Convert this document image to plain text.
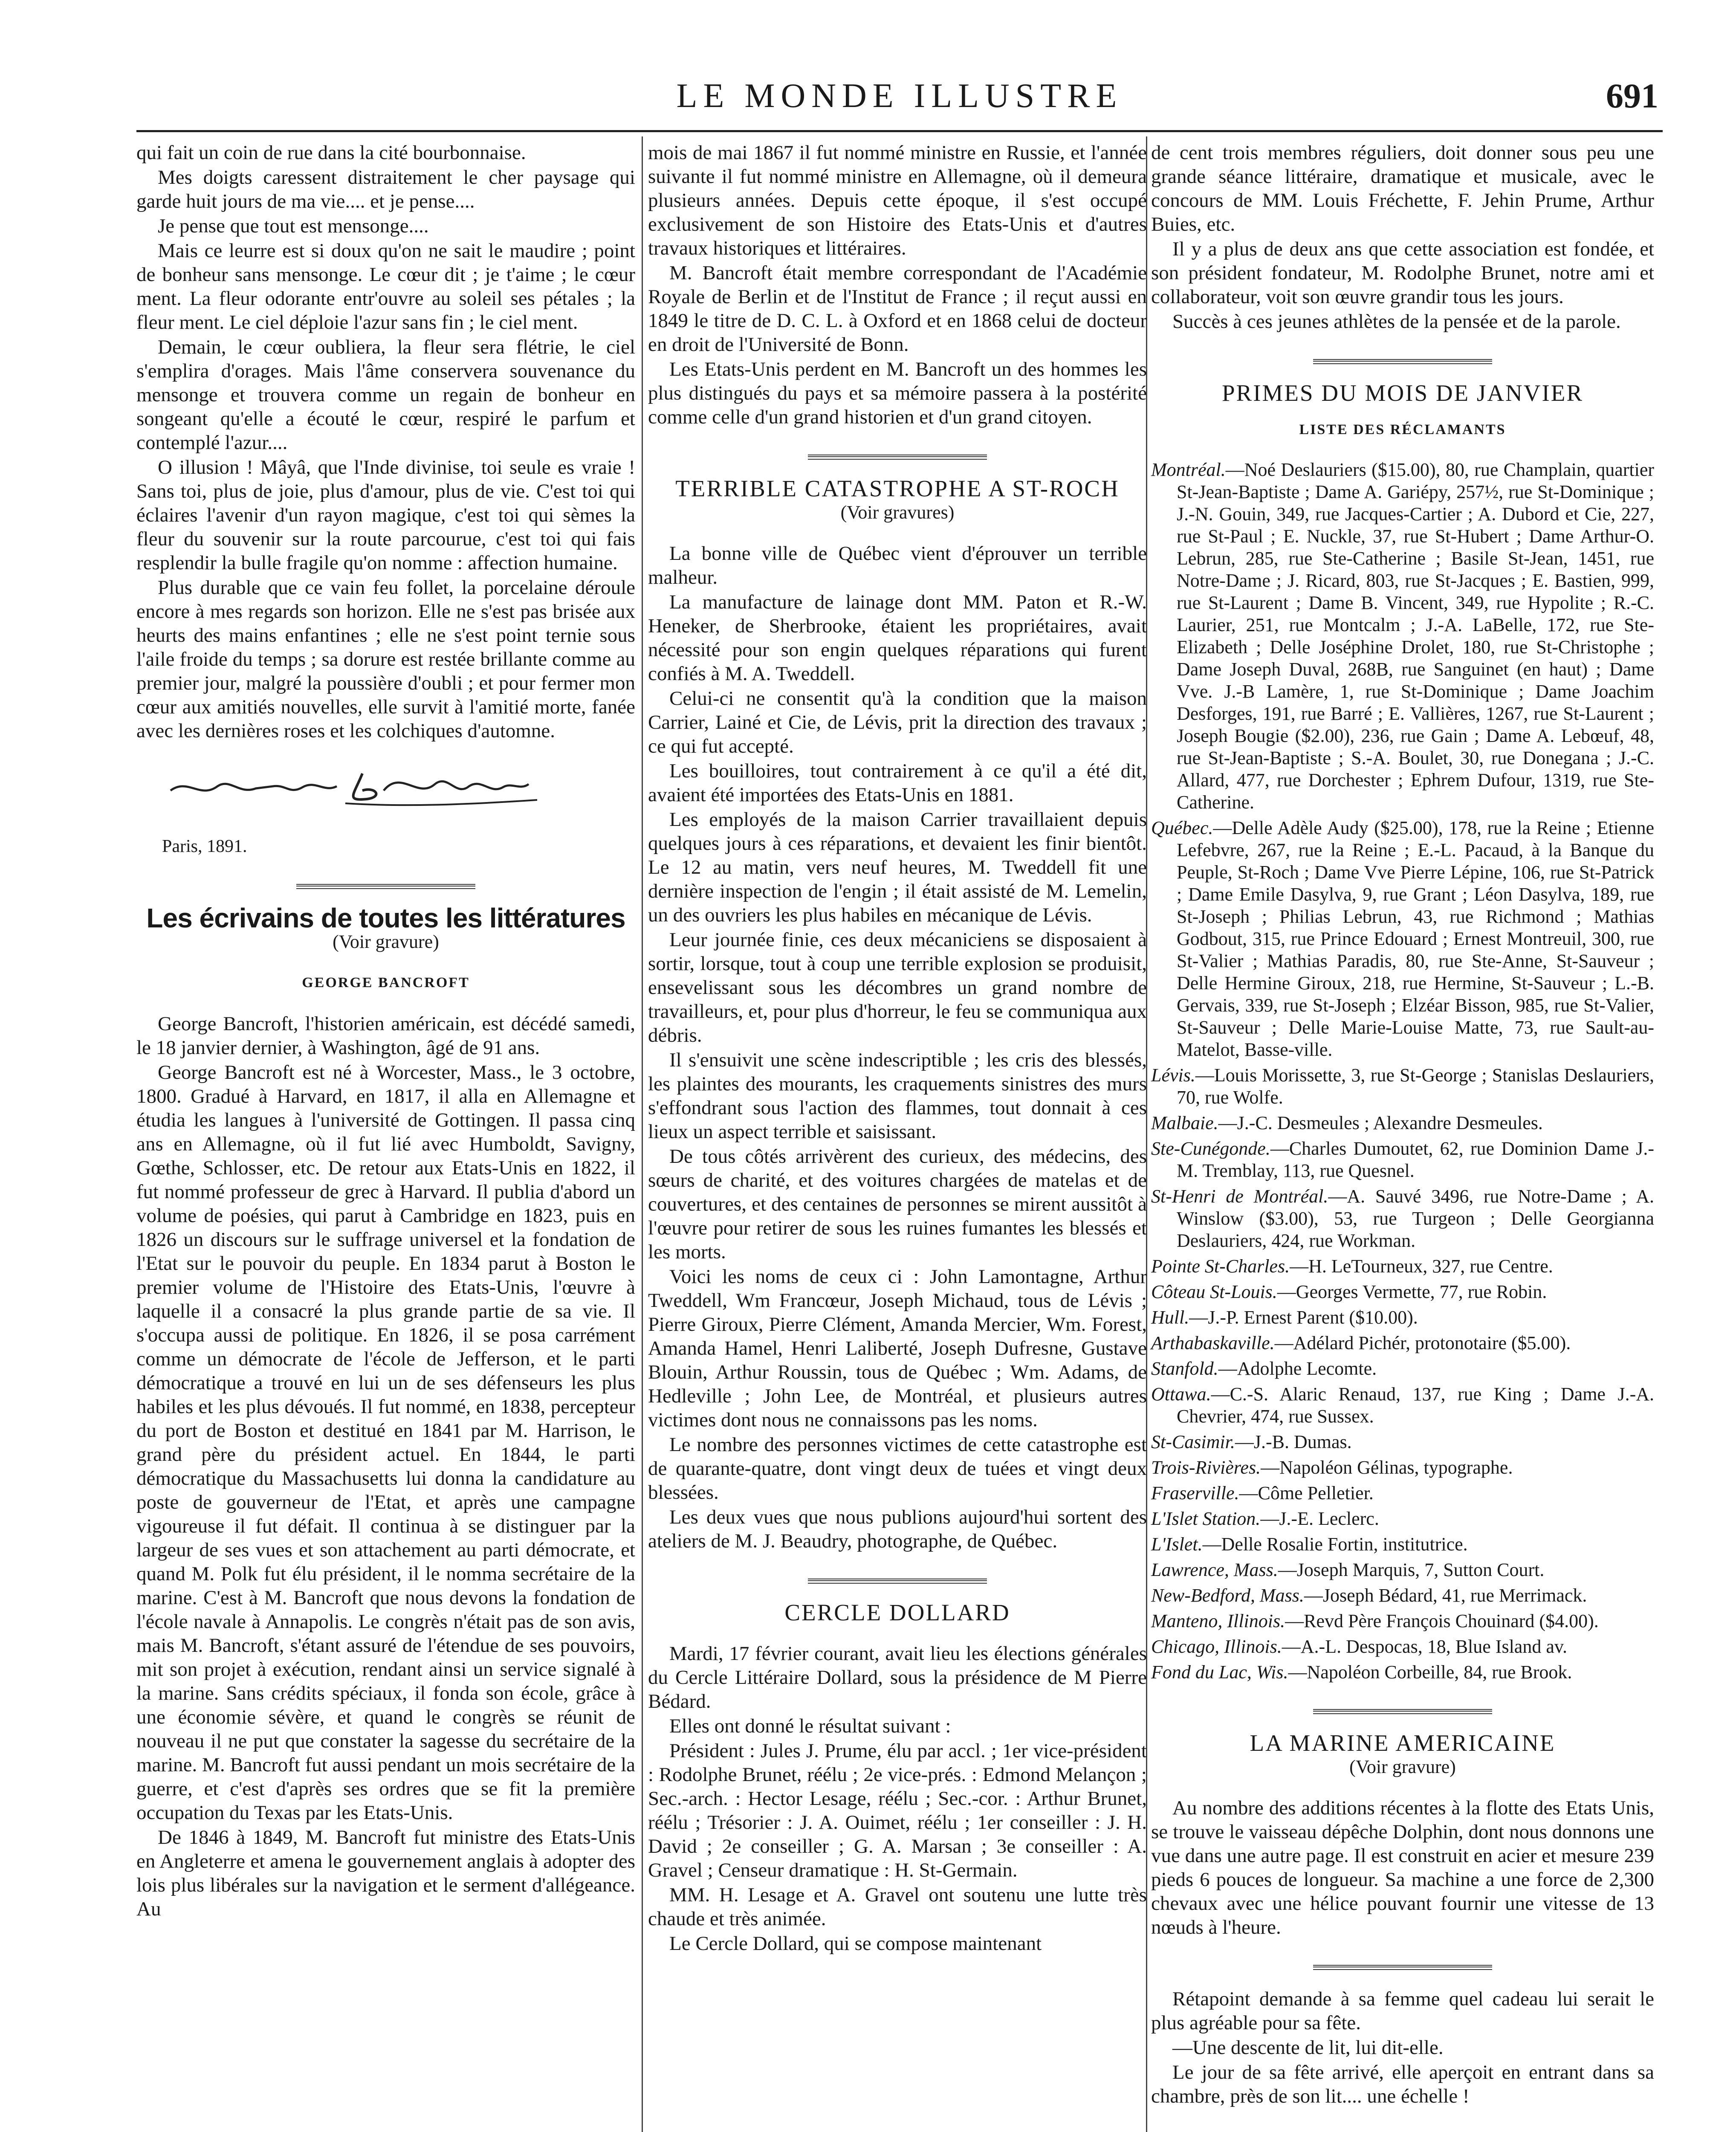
LE MONDE ILLUSTRE	691

qui fait un coin de rue dans la cité bourbonnaise.

Mes doigts caressent distraitement le cher paysage qui garde huit jours de ma vie.... et je pense....

Je pense que tout est mensonge....

Mais ce leurre est si doux qu'on ne sait le maudire ; point de bonheur sans mensonge. Le cœur dit ; je t'aime ; le cœur ment. La fleur odorante entr'ouvre au soleil ses pétales ; la fleur ment. Le ciel déploie l'azur sans fin ; le ciel ment.

Demain, le cœur oubliera, la fleur sera flétrie, le ciel s'emplira d'orages. Mais l'âme conservera souvenance du mensonge et trouvera comme un regain de bonheur en songeant qu'elle a écouté le cœur, respiré le parfum et contemplé l'azur....

O illusion ! Mâyâ, que l'Inde divinise, toi seule es vraie ! Sans toi, plus de joie, plus d'amour, plus de vie. C'est toi qui éclaires l'avenir d'un rayon magique, c'est toi qui sèmes la fleur du souvenir sur la route parcourue, c'est toi qui fais resplendir la bulle fragile qu'on nomme : affection humaine.

Plus durable que ce vain feu follet, la porcelaine déroule encore à mes regards son horizon. Elle ne s'est pas brisée aux heurts des mains enfantines ; elle ne s'est point ternie sous l'aile froide du temps ; sa dorure est restée brillante comme au premier jour, malgré la poussière d'oubli ; et pour fermer mon cœur aux amitiés nouvelles, elle survit à l'amitié morte, fanée avec les dernières roses et les colchiques d'automne.

Paris, 1891.
Les écrivains de toutes les littératures
(Voir gravure)
GEORGE BANCROFT

George Bancroft, l'historien américain, est décédé samedi, le 18 janvier dernier, à Washington, âgé de 91 ans.

George Bancroft est né à Worcester, Mass., le 3 octobre, 1800. Gradué à Harvard, en 1817, il alla en Allemagne et étudia les langues à l'université de Gottingen. Il passa cinq ans en Allemagne, où il fut lié avec Humboldt, Savigny, Gœthe, Schlosser, etc. De retour aux Etats-Unis en 1822, il fut nommé professeur de grec à Harvard. Il publia d'abord un volume de poésies, qui parut à Cambridge en 1823, puis en 1826 un discours sur le suffrage universel et la fondation de l'Etat sur le pouvoir du peuple. En 1834 parut à Boston le premier volume de l'Histoire des Etats-Unis, l'œuvre à laquelle il a consacré la plus grande partie de sa vie. Il s'occupa aussi de politique. En 1826, il se posa carrément comme un démocrate de l'école de Jefferson, et le parti démocratique a trouvé en lui un de ses défenseurs les plus habiles et les plus dévoués. Il fut nommé, en 1838, percepteur du port de Boston et destitué en 1841 par M. Harrison, le grand père du président actuel. En 1844, le parti démocratique du Massachusetts lui donna la candidature au poste de gouverneur de l'Etat, et après une campagne vigoureuse il fut défait. Il continua à se distinguer par la largeur de ses vues et son attachement au parti démocrate, et quand M. Polk fut élu président, il le nomma secrétaire de la marine. C'est à M. Bancroft que nous devons la fondation de l'école navale à Annapolis. Le congrès n'était pas de son avis, mais M. Bancroft, s'étant assuré de l'étendue de ses pouvoirs, mit son projet à exécution, rendant ainsi un service signalé à la marine. Sans crédits spéciaux, il fonda son école, grâce à une économie sévère, et quand le congrès se réunit de nouveau il ne put que constater la sagesse du secrétaire de la marine. M. Bancroft fut aussi pendant un mois secrétaire de la guerre, et c'est d'après ses ordres que se fit la première occupation du Texas par les Etats-Unis.

De 1846 à 1849, M. Bancroft fut ministre des Etats-Unis en Angleterre et amena le gouvernement anglais à adopter des lois plus libérales sur la navigation et le serment d'allégeance. Au

mois de mai 1867 il fut nommé ministre en Russie, et l'année suivante il fut nommé ministre en Allemagne, où il demeura plusieurs années. Depuis cette époque, il s'est occupé exclusivement de son Histoire des Etats-Unis et d'autres travaux historiques et littéraires.

M. Bancroft était membre correspondant de l'Académie Royale de Berlin et de l'Institut de France ; il reçut aussi en 1849 le titre de D. C. L. à Oxford et en 1868 celui de docteur en droit de l'Université de Bonn.

Les Etats-Unis perdent en M. Bancroft un des hommes les plus distingués du pays et sa mémoire passera à la postérité comme celle d'un grand historien et d'un grand citoyen.

TERRIBLE CATASTROPHE A ST-ROCH
(Voir gravures)

La bonne ville de Québec vient d'éprouver un terrible malheur.

La manufacture de lainage dont MM. Paton et R.-W. Heneker, de Sherbrooke, étaient les propriétaires, avait nécessité pour son engin quelques réparations qui furent confiés à M. A. Tweddell.

Celui-ci ne consentit qu'à la condition que la maison Carrier, Lainé et Cie, de Lévis, prit la direction des travaux ; ce qui fut accepté.

Les bouilloires, tout contrairement à ce qu'il a été dit, avaient été importées des Etats-Unis en 1881.

Les employés de la maison Carrier travaillaient depuis quelques jours à ces réparations, et devaient les finir bientôt. Le 12 au matin, vers neuf heures, M. Tweddell fit une dernière inspection de l'engin ; il était assisté de M. Lemelin, un des ouvriers les plus habiles en mécanique de Lévis.

Leur journée finie, ces deux mécaniciens se disposaient à sortir, lorsque, tout à coup une terrible explosion se produisit, ensevelissant sous les décombres un grand nombre de travailleurs, et, pour plus d'horreur, le feu se communiqua aux débris.

Il s'ensuivit une scène indescriptible ; les cris des blessés, les plaintes des mourants, les craquements sinistres des murs s'effondrant sous l'action des flammes, tout donnait à ces lieux un aspect terrible et saisissant.

De tous côtés arrivèrent des curieux, des médecins, des sœurs de charité, et des voitures chargées de matelas et de couvertures, et des centaines de personnes se mirent aussitôt à l'œuvre pour retirer de sous les ruines fumantes les blessés et les morts.

Voici les noms de ceux ci : John Lamontagne, Arthur Tweddell, Wm Francœur, Joseph Michaud, tous de Lévis ; Pierre Giroux, Pierre Clément, Amanda Mercier, Wm. Forest, Amanda Hamel, Henri Laliberté, Joseph Dufresne, Gustave Blouin, Arthur Roussin, tous de Québec ; Wm. Adams, de Hedleville ; John Lee, de Montréal, et plusieurs autres victimes dont nous ne connaissons pas les noms.

Le nombre des personnes victimes de cette catastrophe est de quarante-quatre, dont vingt deux de tuées et vingt deux blessées.

Les deux vues que nous publions aujourd'hui sortent des ateliers de M. J. Beaudry, photographe, de Québec.

CERCLE DOLLARD

Mardi, 17 février courant, avait lieu les élections générales du Cercle Littéraire Dollard, sous la présidence de M Pierre Bédard.

Elles ont donné le résultat suivant :

Président : Jules J. Prume, élu par accl. ; 1er vice-président : Rodolphe Brunet, réélu ; 2e vice-prés. : Edmond Melançon ; Sec.-arch. : Hector Lesage, réélu ; Sec.-cor. : Arthur Brunet, réélu ; Trésorier : J. A. Ouimet, réélu ; 1er conseiller : J. H. David ; 2e conseiller ; G. A. Marsan ; 3e conseiller : A. Gravel ; Censeur dramatique : H. St-Germain.

MM. H. Lesage et A. Gravel ont soutenu une lutte très chaude et très animée.

Le Cercle Dollard, qui se compose maintenant

de cent trois membres réguliers, doit donner sous peu une grande séance littéraire, dramatique et musicale, avec le concours de MM. Louis Fréchette, F. Jehin Prume, Arthur Buies, etc.

Il y a plus de deux ans que cette association est fondée, et son président fondateur, M. Rodolphe Brunet, notre ami et collaborateur, voit son œuvre grandir tous les jours.

Succès à ces jeunes athlètes de la pensée et de la parole.

PRIMES DU MOIS DE JANVIER
LISTE DES RÉCLAMANTS
Montréal.—Noé Deslauriers ($15.00), 80, rue Champlain, quartier St-Jean-Baptiste ; Dame A. Gariépy, 257½, rue St-Dominique ; J.-N. Gouin, 349, rue Jacques-Cartier ; A. Dubord et Cie, 227, rue St-Paul ; E. Nuckle, 37, rue St-Hubert ; Dame Arthur-O. Lebrun, 285, rue Ste-Catherine ; Basile St-Jean, 1451, rue Notre-Dame ; J. Ricard, 803, rue St-Jacques ; E. Bastien, 999, rue St-Laurent ; Dame B. Vincent, 349, rue Hypolite ; R.-C. Laurier, 251, rue Montcalm ; J.-A. LaBelle, 172, rue Ste-Elizabeth ; Delle Joséphine Drolet, 180, rue St-Christophe ; Dame Joseph Duval, 268B, rue Sanguinet (en haut) ; Dame Vve. J.-B Lamère, 1, rue St-Dominique ; Dame Joachim Desforges, 191, rue Barré ; E. Vallières, 1267, rue St-Laurent ; Joseph Bougie ($2.00), 236, rue Gain ; Dame A. Lebœuf, 48, rue St-Jean-Baptiste ; S.-A. Boulet, 30, rue Donegana ; J.-C. Allard, 477, rue Dorchester ; Ephrem Dufour, 1319, rue Ste-Catherine.
Québec.—Delle Adèle Audy ($25.00), 178, rue la Reine ; Etienne Lefebvre, 267, rue la Reine ; E.-L. Pacaud, à la Banque du Peuple, St-Roch ; Dame Vve Pierre Lépine, 106, rue St-Patrick ; Dame Emile Dasylva, 9, rue Grant ; Léon Dasylva, 189, rue St-Joseph ; Philias Lebrun, 43, rue Richmond ; Mathias Godbout, 315, rue Prince Edouard ; Ernest Montreuil, 300, rue St-Valier ; Mathias Paradis, 80, rue Ste-Anne, St-Sauveur ; Delle Hermine Giroux, 218, rue Hermine, St-Sauveur ; L.-B. Gervais, 339, rue St-Joseph ; Elzéar Bisson, 985, rue St-Valier, St-Sauveur ; Delle Marie-Louise Matte, 73, rue Sault-au-Matelot, Basse-ville.
Lévis.—Louis Morissette, 3, rue St-George ; Stanislas Deslauriers, 70, rue Wolfe.
Malbaie.—J.-C. Desmeules ; Alexandre Desmeules.
Ste-Cunégonde.—Charles Dumoutet, 62, rue Dominion Dame J.-M. Tremblay, 113, rue Quesnel.
St-Henri de Montréal.—A. Sauvé 3496, rue Notre-Dame ; A. Winslow ($3.00), 53, rue Turgeon ; Delle Georgianna Deslauriers, 424, rue Workman.
Pointe St-Charles.—H. LeTourneux, 327, rue Centre.
Côteau St-Louis.—Georges Vermette, 77, rue Robin.
Hull.—J.-P. Ernest Parent ($10.00).
Arthabaskaville.—Adélard Pichér, protonotaire ($5.00).
Stanfold.—Adolphe Lecomte.
Ottawa.—C.-S. Alaric Renaud, 137, rue King ; Dame J.-A. Chevrier, 474, rue Sussex.
St-Casimir.—J.-B. Dumas.
Trois-Rivières.—Napoléon Gélinas, typographe.
Fraserville.—Côme Pelletier.
L'Islet Station.—J.-E. Leclerc.
L'Islet.—Delle Rosalie Fortin, institutrice.
Lawrence, Mass.—Joseph Marquis, 7, Sutton Court.
New-Bedford, Mass.—Joseph Bédard, 41, rue Merrimack.
Manteno, Illinois.—Revd Père François Chouinard ($4.00).
Chicago, Illinois.—A.-L. Despocas, 18, Blue Island av.
Fond du Lac, Wis.—Napoléon Corbeille, 84, rue Brook.
LA MARINE AMERICAINE
(Voir gravure)

Au nombre des additions récentes à la flotte des Etats Unis, se trouve le vaisseau dépêche Dolphin, dont nous donnons une vue dans une autre page. Il est construit en acier et mesure 239 pieds 6 pouces de longueur. Sa machine a une force de 2,300 chevaux avec une hélice pouvant fournir une vitesse de 13 nœuds à l'heure.

Rétapoint demande à sa femme quel cadeau lui serait le plus agréable pour sa fête.

—Une descente de lit, lui dit-elle.

Le jour de sa fête arrivé, elle aperçoit en entrant dans sa chambre, près de son lit.... une échelle !
